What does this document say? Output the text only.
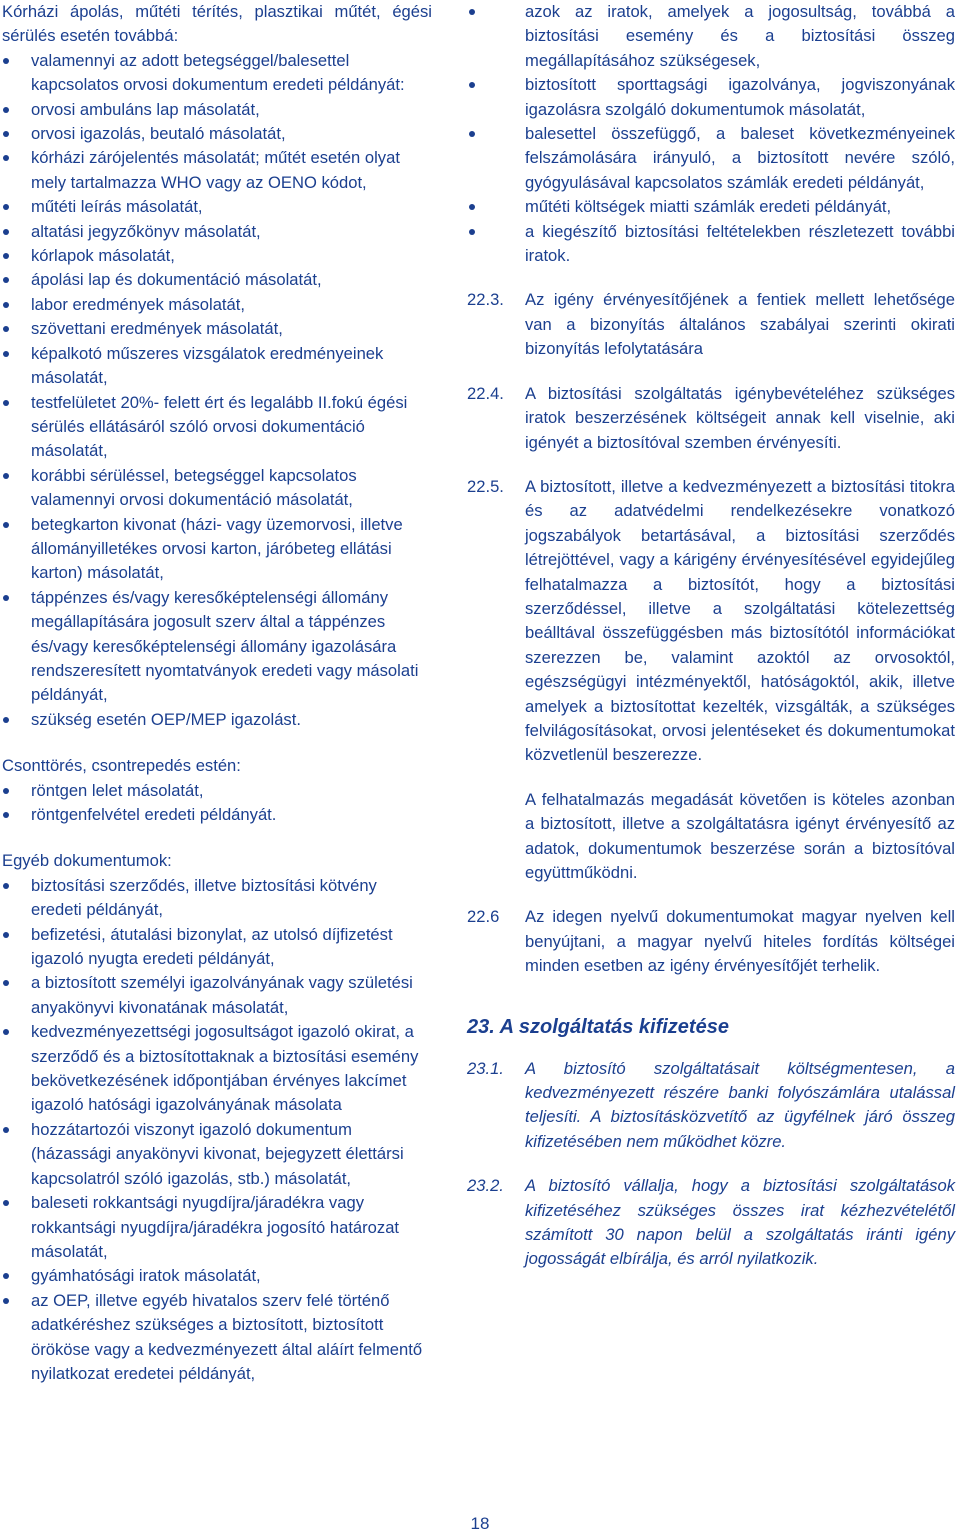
Kórházi ápolás, műtéti térítés, plasztikai műtét, égési sérülés esetén továbbá:

valamennyi az adott betegséggel/balesettel kapcsolatos orvosi dokumentum eredeti példányát:
orvosi ambuláns lap másolatát,
orvosi igazolás, beutaló másolatát,
kórházi zárójelentés másolatát; műtét esetén olyat mely tartalmazza WHO vagy az OENO kódot,
műtéti leírás másolatát,
altatási jegyzőkönyv másolatát,
kórlapok másolatát,
ápolási lap és dokumentáció másolatát,
labor eredmények másolatát,
szövettani eredmények másolatát,
képalkotó műszeres vizsgálatok eredményeinek másolatát,
testfelületet 20%- felett ért és legalább II.fokú égési sérülés ellátásáról szóló orvosi dokumentáció másolatát,
korábbi sérüléssel, betegséggel kapcsolatos valamennyi orvosi dokumentáció másolatát,
betegkarton kivonat (házi- vagy üzemorvosi, illetve állományilletékes orvosi karton, járóbeteg ellátási karton) másolatát,
táppénzes és/vagy keresőképtelenségi állomány megállapítására jogosult szerv által a táppénzes és/vagy keresőképtelenségi állomány igazolására rendszeresített nyomtatványok eredeti vagy másolati példányát,
szükség esetén OEP/MEP igazolást.

Csonttörés, csontrepedés estén:

röntgen lelet másolatát,
röntgenfelvétel eredeti példányát.

Egyéb dokumentumok:

biztosítási szerződés, illetve biztosítási kötvény eredeti példányát,
befizetési, átutalási bizonylat, az utolsó díjfizetést igazoló nyugta eredeti példányát,
a biztosított személyi igazolványának vagy születési anyakönyvi kivonatának másolatát,
kedvezményezettségi jogosultságot igazoló okirat, a szerződő és a biztosítottaknak a biztosítási esemény bekövetkezésének időpontjában érvényes lakcímet igazoló hatósági igazolványának másolata
hozzátartozói viszonyt igazoló dokumentum (házassági anyakönyvi kivonat, bejegyzett élettársi kapcsolatról szóló igazolás, stb.) másolatát,
baleseti rokkantsági nyugdíjra/járadékra vagy rokkantsági nyugdíjra/járadékra jogosító határozat másolatát,
gyámhatósági iratok másolatát,
az OEP, illetve egyéb hivatalos szerv felé történő adatkéréshez szükséges a biztosított, biztosított örököse vagy a kedvezményezett által aláírt felmentő nyilatkozat eredetei példányát,
azok az iratok, amelyek a jogosultság, továbbá a biztosítási esemény és a biztosítási összeg megállapításához szükségesek,
biztosított sporttagsági igazolványa, jogviszonyának igazolásra szolgáló dokumentumok másolatát,
balesettel összefüggő, a baleset következményeinek felszámolására irányuló, a biztosított nevére szóló, gyógyulásával kapcsolatos számlák eredeti példányát,
műtéti költségek miatti számlák eredeti példányát,
a kiegészítő biztosítási feltételekben részletezett további iratok.
22.3. Az igény érvényesítőjének a fentiek mellett lehetősége van a bizonyítás általános szabályai szerinti okirati bizonyítás lefolytatására
22.4. A biztosítási szolgáltatás igénybevételéhez szükséges iratok beszerzésének költségeit annak kell viselnie, aki igényét a biztosítóval szemben érvényesíti.
22.5. A biztosított, illetve a kedvezményezett a biztosítási titokra és az adatvédelmi rendelkezésekre vonatkozó jogszabályok betartásával, a biztosítási szerződés létrejöttével, vagy a kárigény érvényesítésével egyidejűleg felhatalmazza a biztosítót, hogy a biztosítási szerződéssel, illetve a szolgáltatási kötelezettség beálltával összefüggésben más biztosítótól információkat szerezzen be, valamint azoktól az orvosoktól, egészségügyi intézményektől, hatóságoktól, akik, illetve amelyek a biztosítottat kezelték, vizsgálták, a szükséges felvilágosításokat, orvosi jelentéseket és dokumentumokat közvetlenül beszerezze.
A felhatalmazás megadását követően is köteles azonban a biztosított, illetve a szolgáltatásra igényt érvényesítő az adatok, dokumentumok beszerzése során a biztosítóval együttműködni.
22.6 Az idegen nyelvű dokumentumokat magyar nyelven kell benyújtani, a magyar nyelvű hiteles fordítás költségei minden esetben az igény érvényesítőjét terhelik.
23. A szolgáltatás kifizetése
23.1. A biztosító szolgáltatásait költségmentesen, a kedvezményezett részére banki folyószámlára utalással teljesíti. A biztosításközvetítő az ügyfélnek járó összeg kifizetésében nem működhet közre.
23.2. A biztosító vállalja, hogy a biztosítási szolgáltatások kifizetéséhez szükséges összes irat kézhezvételétől számított 30 napon belül a szolgáltatás iránti igény jogosságát elbírálja, és arról nyilatkozik.
18
